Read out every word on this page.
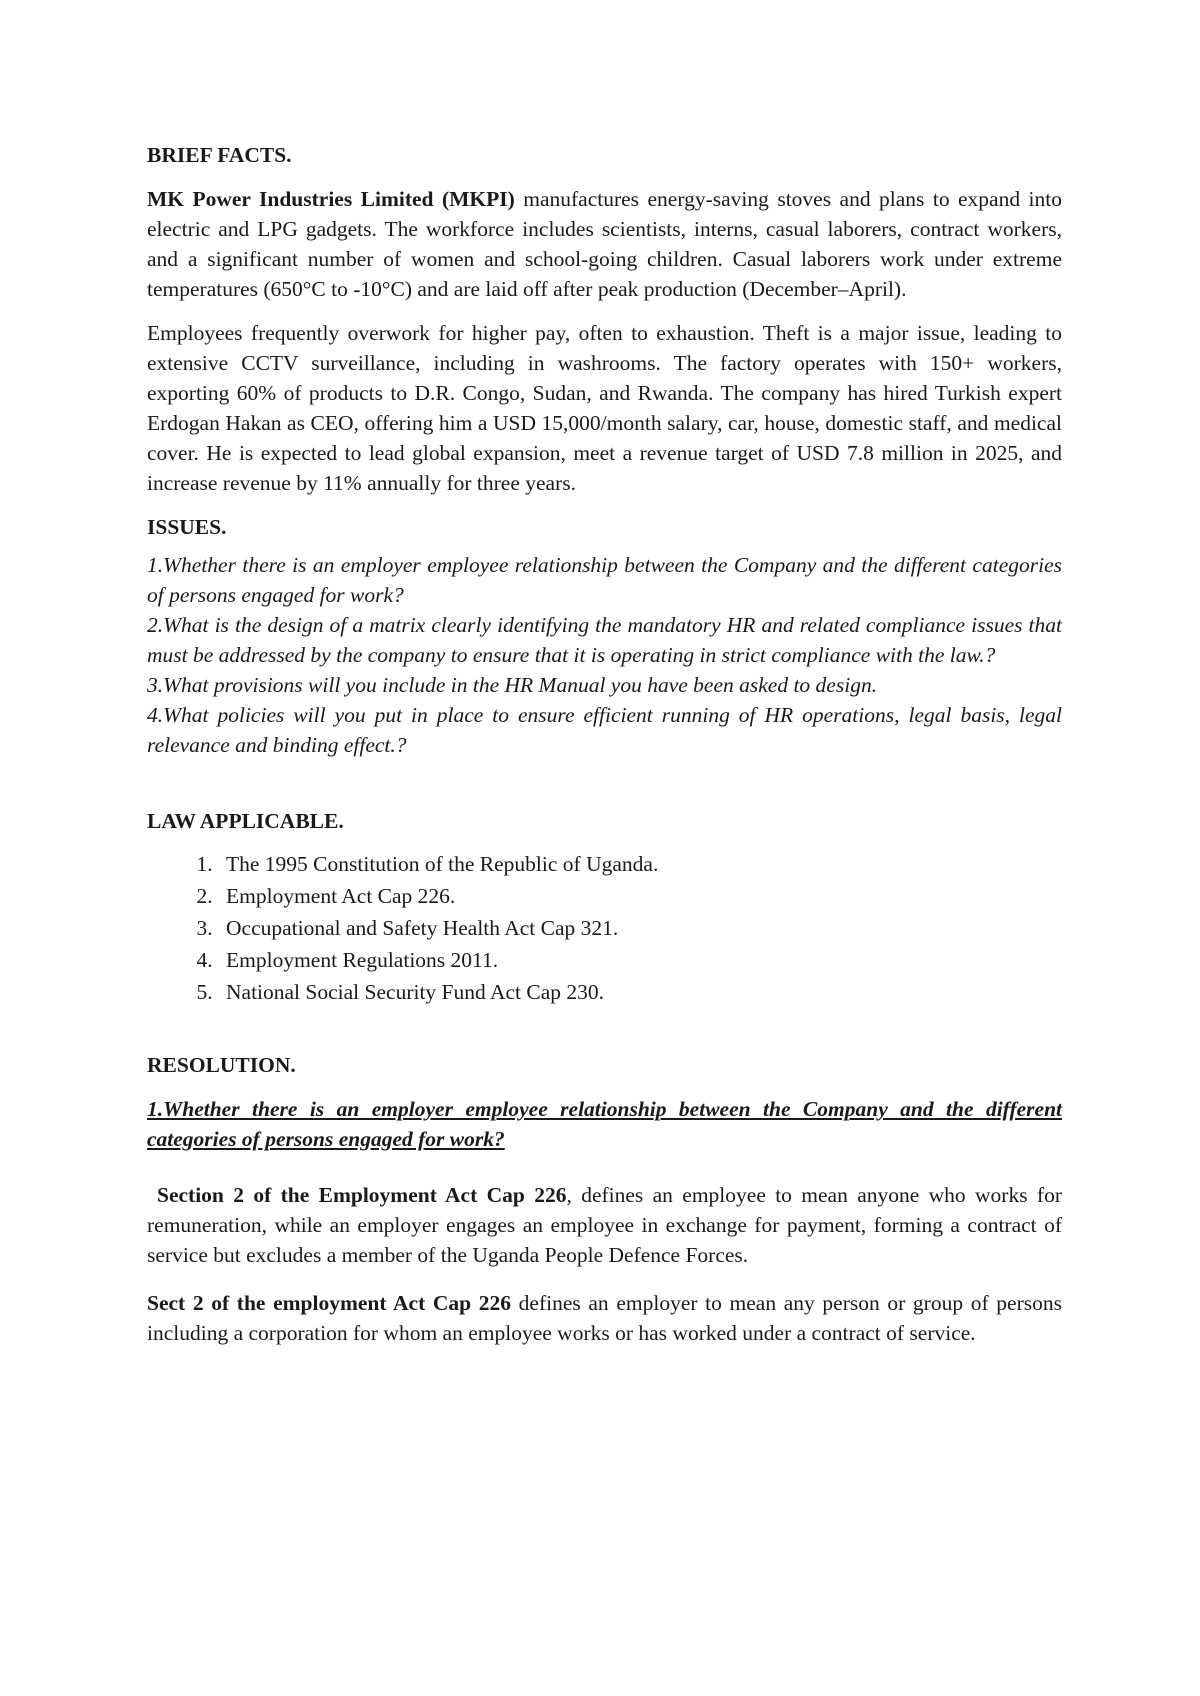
BRIEF FACTS.

MK Power Industries Limited (MKPI) manufactures energy-saving stoves and plans to expand into electric and LPG gadgets. The workforce includes scientists, interns, casual laborers, contract workers, and a significant number of women and school-going children. Casual laborers work under extreme temperatures (650°C to -10°C) and are laid off after peak production (December–April).

Employees frequently overwork for higher pay, often to exhaustion. Theft is a major issue, leading to extensive CCTV surveillance, including in washrooms. The factory operates with 150+ workers, exporting 60% of products to D.R. Congo, Sudan, and Rwanda. The company has hired Turkish expert Erdogan Hakan as CEO, offering him a USD 15,000/month salary, car, house, domestic staff, and medical cover. He is expected to lead global expansion, meet a revenue target of USD 7.8 million in 2025, and increase revenue by 11% annually for three years.

ISSUES.

1.Whether there is an employer employee relationship between the Company and the different categories of persons engaged for work?

2.What is the design of a matrix clearly identifying the mandatory HR and related compliance issues that must be addressed by the company to ensure that it is operating in strict compliance with the law.?

3.What provisions will you include in the HR Manual you have been asked to design.

4.What policies will you put in place to ensure efficient running of HR operations, legal basis, legal relevance and binding effect.?

LAW APPLICABLE.

1. The 1995 Constitution of the Republic of Uganda.
2. Employment Act Cap 226.
3. Occupational and Safety Health Act Cap 321.
4. Employment Regulations 2011.
5. National Social Security Fund Act Cap 230.

RESOLUTION.

1.Whether there is an employer employee relationship between the Company and the different categories of persons engaged for work?

Section 2 of the Employment Act Cap 226, defines an employee to mean anyone who works for remuneration, while an employer engages an employee in exchange for payment, forming a contract of service but excludes a member of the Uganda People Defence Forces.

Sect 2 of the employment Act Cap 226 defines an employer to mean any person or group of persons including a corporation for whom an employee works or has worked under a contract of service.
